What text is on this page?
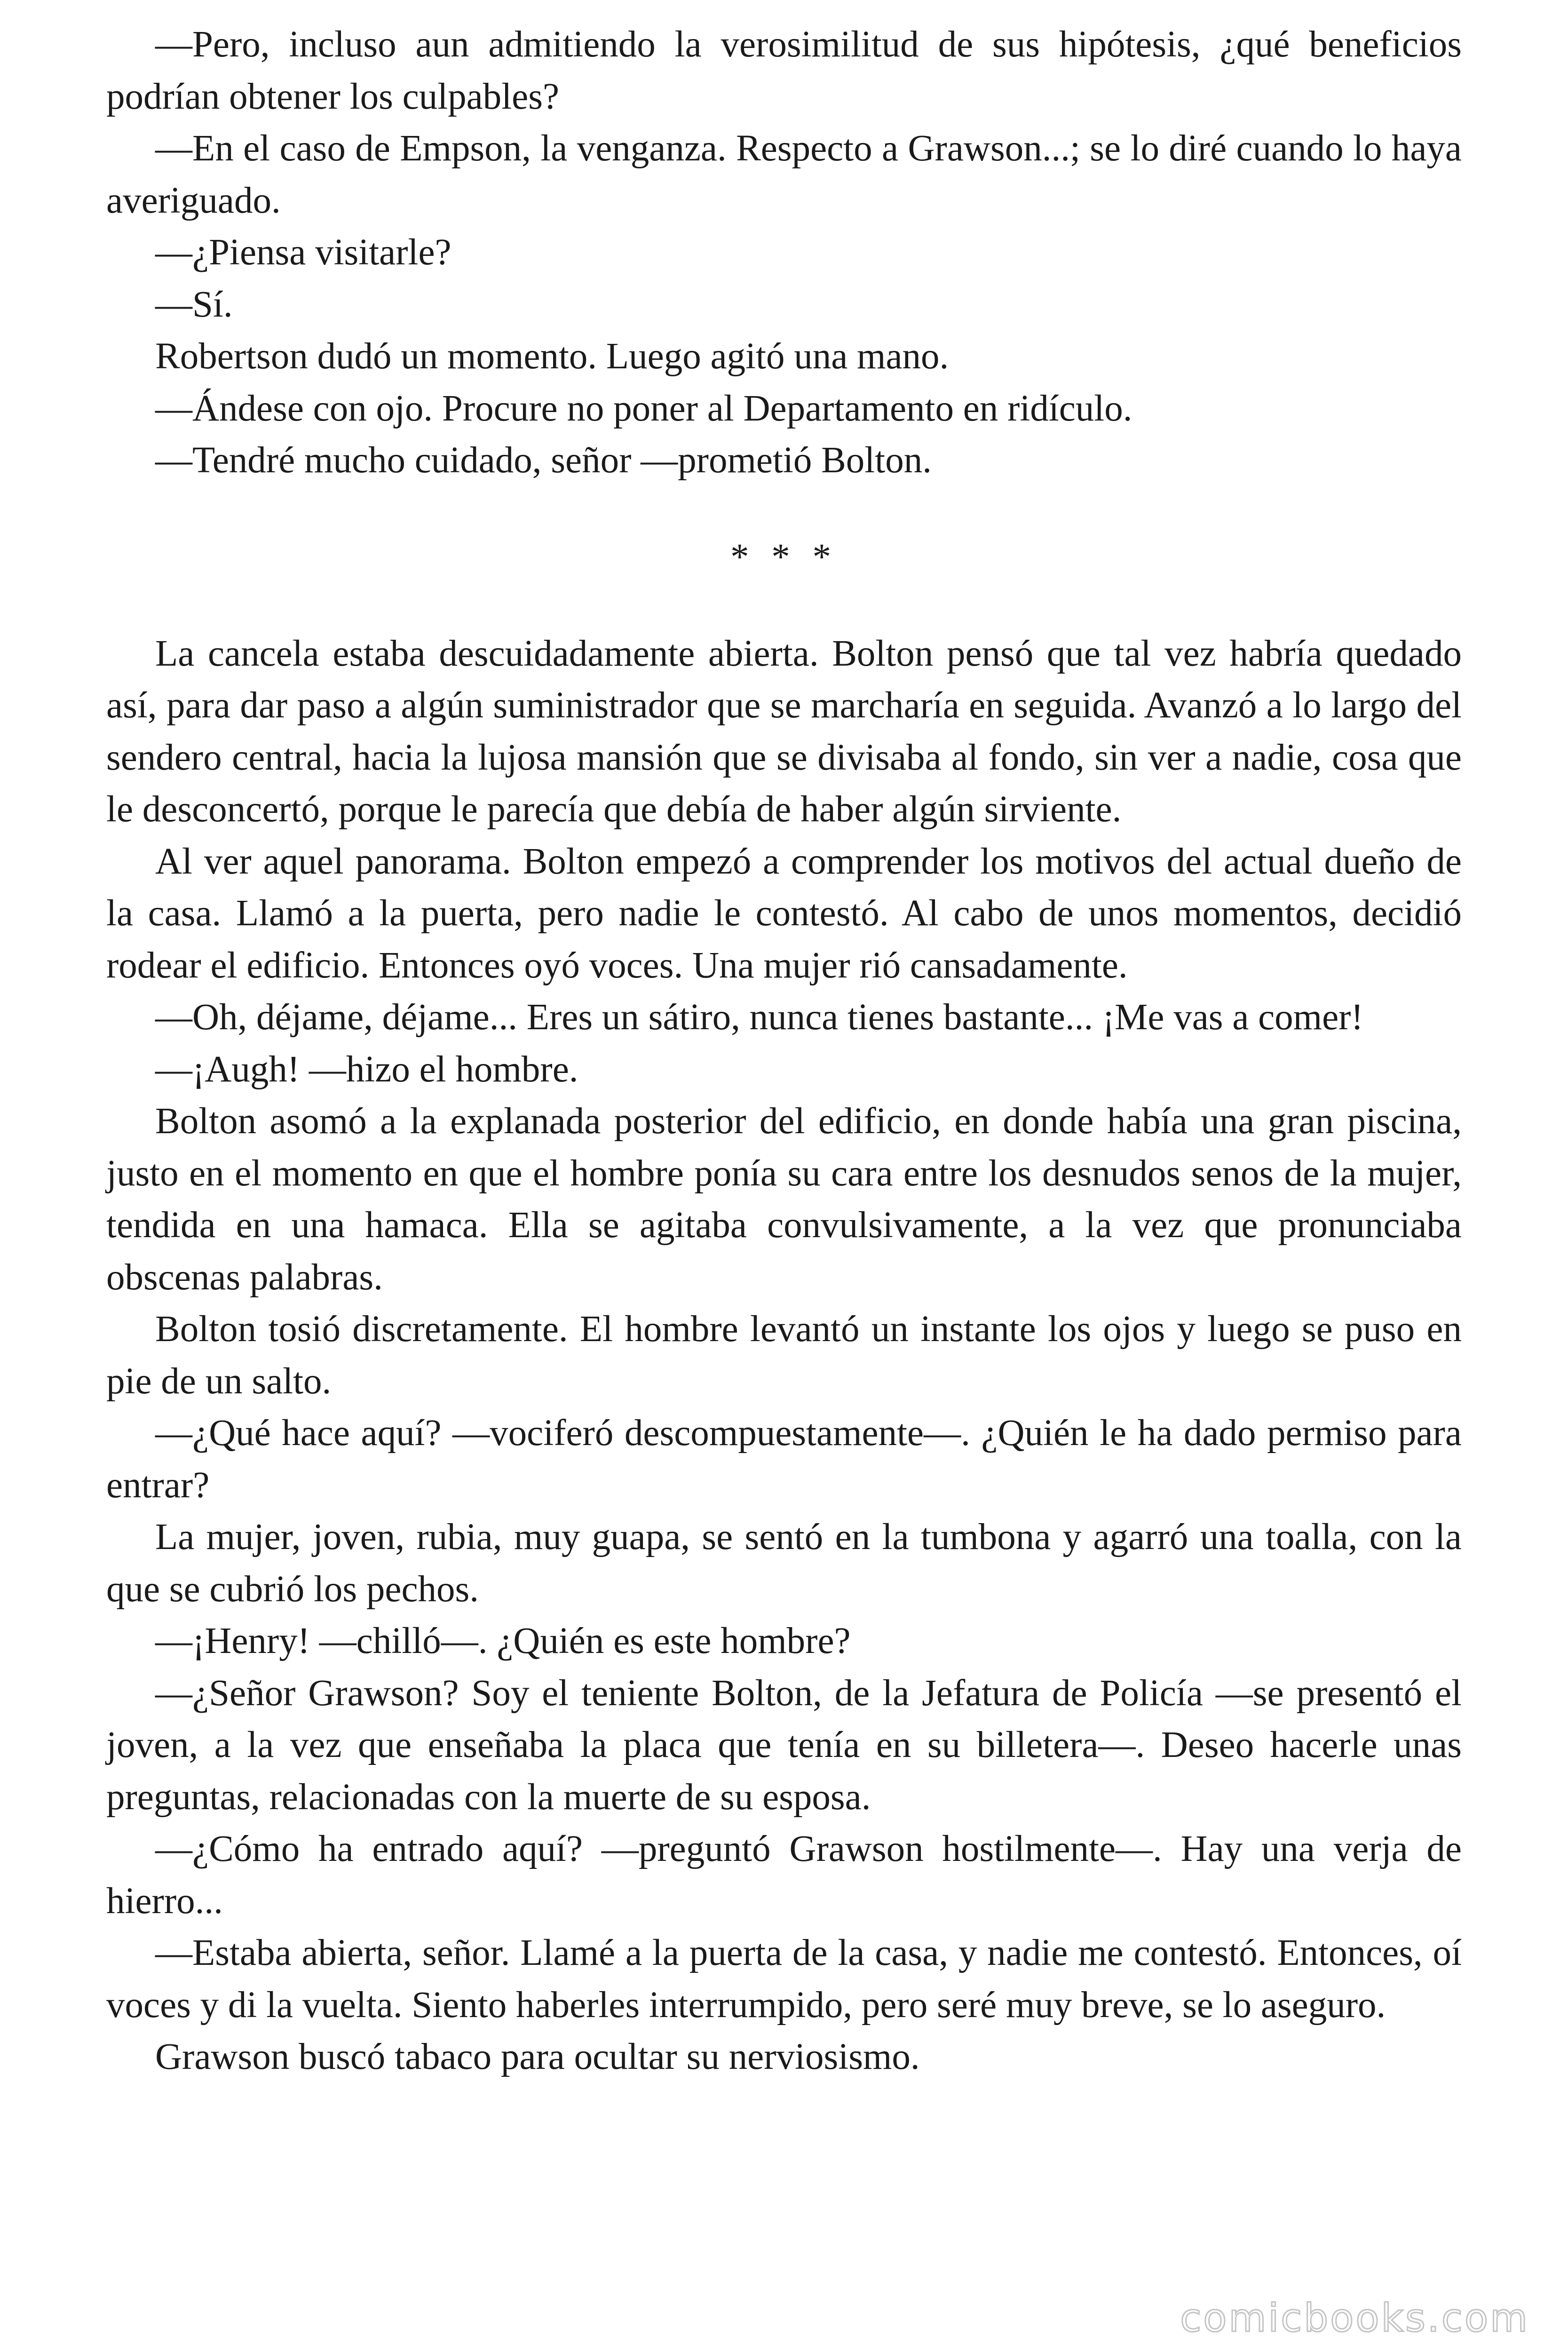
—Pero, incluso aun admitiendo la verosimilitud de sus hipótesis, ¿qué beneficios podrían obtener los culpables?

—En el caso de Empson, la venganza. Respecto a Grawson...; se lo diré cuando lo haya averiguado.

—¿Piensa visitarle?

—Sí.

Robertson dudó un momento. Luego agitó una mano.

—Ándese con ojo. Procure no poner al Departamento en ridículo.

—Tendré mucho cuidado, señor —prometió Bolton.

* * *

La cancela estaba descuidadamente abierta. Bolton pensó que tal vez habría quedado así, para dar paso a algún suministrador que se marcharía en seguida. Avanzó a lo largo del sendero central, hacia la lujosa mansión que se divisaba al fondo, sin ver a nadie, cosa que le desconcertó, porque le parecía que debía de haber algún sirviente.

Al ver aquel panorama. Bolton empezó a comprender los motivos del actual dueño de la casa. Llamó a la puerta, pero nadie le contestó. Al cabo de unos momentos, decidió rodear el edificio. Entonces oyó voces. Una mujer rió cansadamente.

—Oh, déjame, déjame... Eres un sátiro, nunca tienes bastante... ¡Me vas a comer!

—¡Augh! —hizo el hombre.

Bolton asomó a la explanada posterior del edificio, en donde había una gran piscina, justo en el momento en que el hombre ponía su cara entre los desnudos senos de la mujer, tendida en una hamaca. Ella se agitaba convulsivamente, a la vez que pronunciaba obscenas palabras.

Bolton tosió discretamente. El hombre levantó un instante los ojos y luego se puso en pie de un salto.

—¿Qué hace aquí? —vociferó descompuestamente—. ¿Quién le ha dado permiso para entrar?

La mujer, joven, rubia, muy guapa, se sentó en la tumbona y agarró una toalla, con la que se cubrió los pechos.

—¡Henry! —chilló—. ¿Quién es este hombre?

—¿Señor Grawson? Soy el teniente Bolton, de la Jefatura de Policía —se presentó el joven, a la vez que enseñaba la placa que tenía en su billetera—. Deseo hacerle unas preguntas, relacionadas con la muerte de su esposa.

—¿Cómo ha entrado aquí? —preguntó Grawson hostilmente—. Hay una verja de hierro...

—Estaba abierta, señor. Llamé a la puerta de la casa, y nadie me contestó. Entonces, oí voces y di la vuelta. Siento haberles interrumpido, pero seré muy breve, se lo aseguro.

Grawson buscó tabaco para ocultar su nerviosismo.

comicbooks.com
